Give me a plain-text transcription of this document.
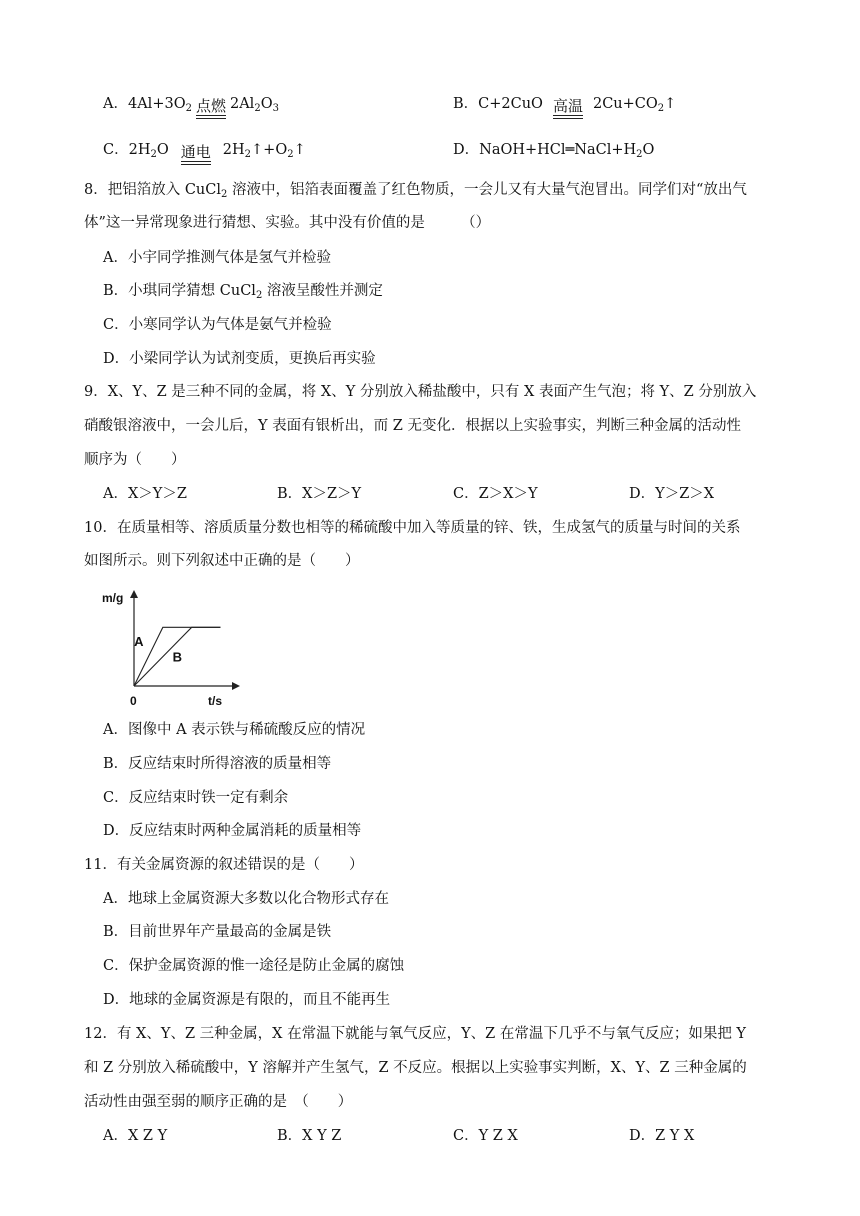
A．$4Al+3O_2$ 点燃 $2Al_2O_3$	B．C+2CuO 高温 $2Cu+CO_2↑$
C．$2H_2O$ 通电 $2H_2↑+O_2↑$	D．$NaOH+HCl═NaCl+H_2O$
8．把铝箔放入 CuCl$_2$ 溶液中，铝箔表面覆盖了红色物质，一会儿又有大量气泡冒出。同学们对“放出气
体”这一异常现象进行猜想、实验。其中没有价值的是　　　（）
A．小宇同学推测气体是氢气并检验
B．小琪同学猜想 CuCl$_2$ 溶液呈酸性并测定
C．小寒同学认为气体是氨气并检验
D．小梁同学认为试剂变质，更换后再实验
9．X、Y、Z 是三种不同的金属，将 X、Y 分别放入稀盐酸中，只有 X 表面产生气泡；将 Y、Z 分别放入
硝酸银溶液中，一会儿后，Y 表面有银析出，而 Z 无变化．根据以上实验事实，判断三种金属的活动性
顺序为（　　）
A．X＞Y＞Z	B．X＞Z＞Y	C．Z＞X＞Y	D．Y＞Z＞X
10．在质量相等、溶质质量分数也相等的稀硫酸中加入等质量的锌、铁，生成氢气的质量与时间的关系
如图所示。则下列叙述中正确的是（　　）
A
B
m/g
t/s
0
A．图像中 A 表示铁与稀硫酸反应的情况
B．反应结束时所得溶液的质量相等
C．反应结束时铁一定有剩余
D．反应结束时两种金属消耗的质量相等
11．有关金属资源的叙述错误的是（　　）
A．地球上金属资源大多数以化合物形式存在
B．目前世界年产量最高的金属是铁
C．保护金属资源的惟一途径是防止金属的腐蚀
D．地球的金属资源是有限的，而且不能再生
12．有 X、Y、Z 三种金属，X 在常温下就能与氧气反应，Y、Z 在常温下几乎不与氧气反应；如果把 Y
和 Z 分别放入稀硫酸中，Y 溶解并产生氢气，Z 不反应。根据以上实验事实判断，X、Y、Z 三种金属的
活动性由强至弱的顺序正确的是　（　　）
A．X Z Y	B．X Y Z	C．Y Z X	D．Z Y X
